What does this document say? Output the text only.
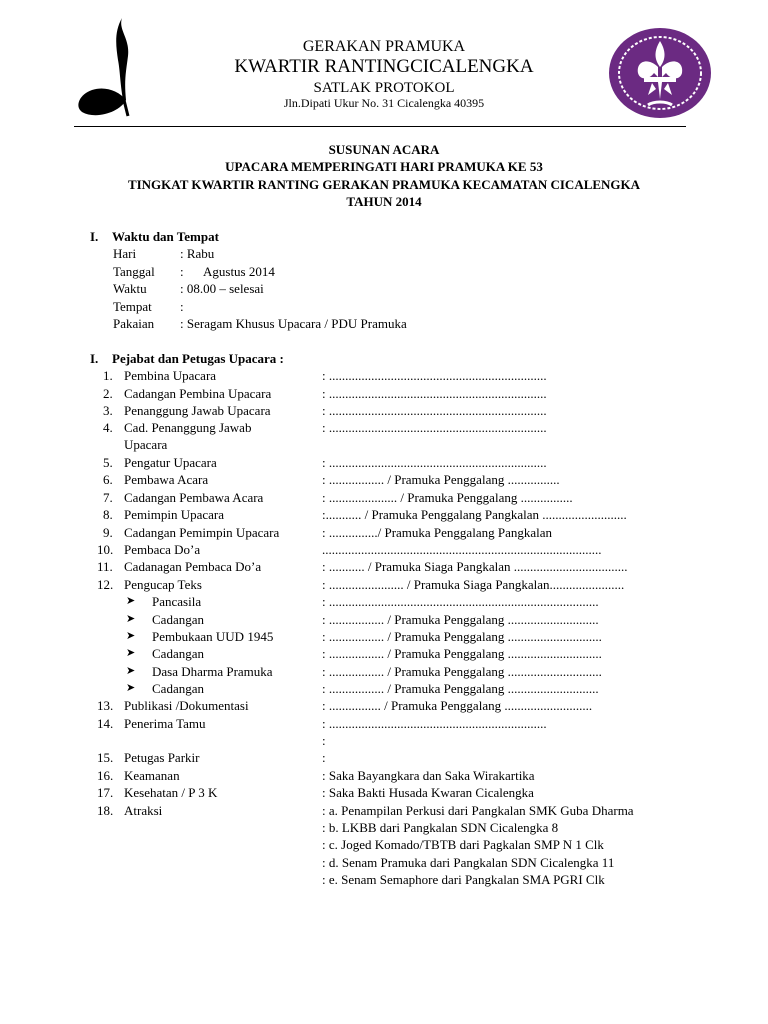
GERAKAN PRAMUKA
KWARTIR RANTINGCICALENGKA
SATLAK PROTOKOL
Jln.Dipati Ukur No. 31 Cicalengka 40395
SUSUNAN ACARA
UPACARA MEMPERINGATI HARI PRAMUKA KE 53
TINGKAT KWARTIR RANTING GERAKAN PRAMUKA KECAMATAN CICALENGKA
TAHUN 2014
I. Waktu dan Tempat
Hari	: Rabu
Tanggal : Agustus 2014
Waktu	: 08.00 – selesai
Tempat :
Pakaian : Seragam Khusus Upacara / PDU Pramuka
I. Pejabat dan Petugas Upacara :
1. Pembina Upacara	: ...................................................................
2. Cadangan Pembina Upacara	: ...................................................................
3. Penanggung Jawab Upacara	: ...................................................................
4. Cad. Penanggung Jawab	: ...................................................................
Upacara
5. Pengatur Upacara	: ...................................................................
6. Pembawa Acara	: ................. / Pramuka Penggalang ................
7. Cadangan Pembawa Acara	: ..................... / Pramuka Penggalang ................
8. Pemimpin Upacara	:........... / Pramuka Penggalang Pangkalan ..........................
9. Cadangan Pemimpin Upacara	: .............../ Pramuka Penggalang Pangkalan
10. Pembaca Do’a	......................................................................................
11. Cadanagan Pembaca Do’a	: ........... / Pramuka Siaga Pangkalan ...................................
12. Pengucap Teks	: ....................... / Pramuka Siaga Pangkalan.......................
➤ Pancasila	: ...................................................................................
➤ Cadangan	: ................. / Pramuka Penggalang ............................
➤ Pembukaan UUD 1945	: ................. / Pramuka Penggalang .............................
➤ Cadangan	: ................. / Pramuka Penggalang .............................
➤ Dasa Dharma Pramuka	: ................. / Pramuka Penggalang .............................
➤ Cadangan	: ................. / Pramuka Penggalang ............................
13. Publikasi /Dokumentasi	: ................ / Pramuka Penggalang ...........................
14. Penerima Tamu	: ...................................................................
:
15. Petugas Parkir	:
16. Keamanan	: Saka Bayangkara dan Saka Wirakartika
17. Kesehatan / P 3 K	: Saka Bakti Husada Kwaran Cicalengka
18. Atraksi	: a. Penampilan Perkusi dari Pangkalan SMK Guba Dharma
: b. LKBB dari Pangkalan SDN Cicalengka 8
: c. Joged Komado/TBTB dari Pagkalan SMP N 1 Clk
: d. Senam Pramuka dari Pangkalan SDN Cicalengka 11
: e. Senam Semaphore dari Pangkalan SMA PGRI Clk
